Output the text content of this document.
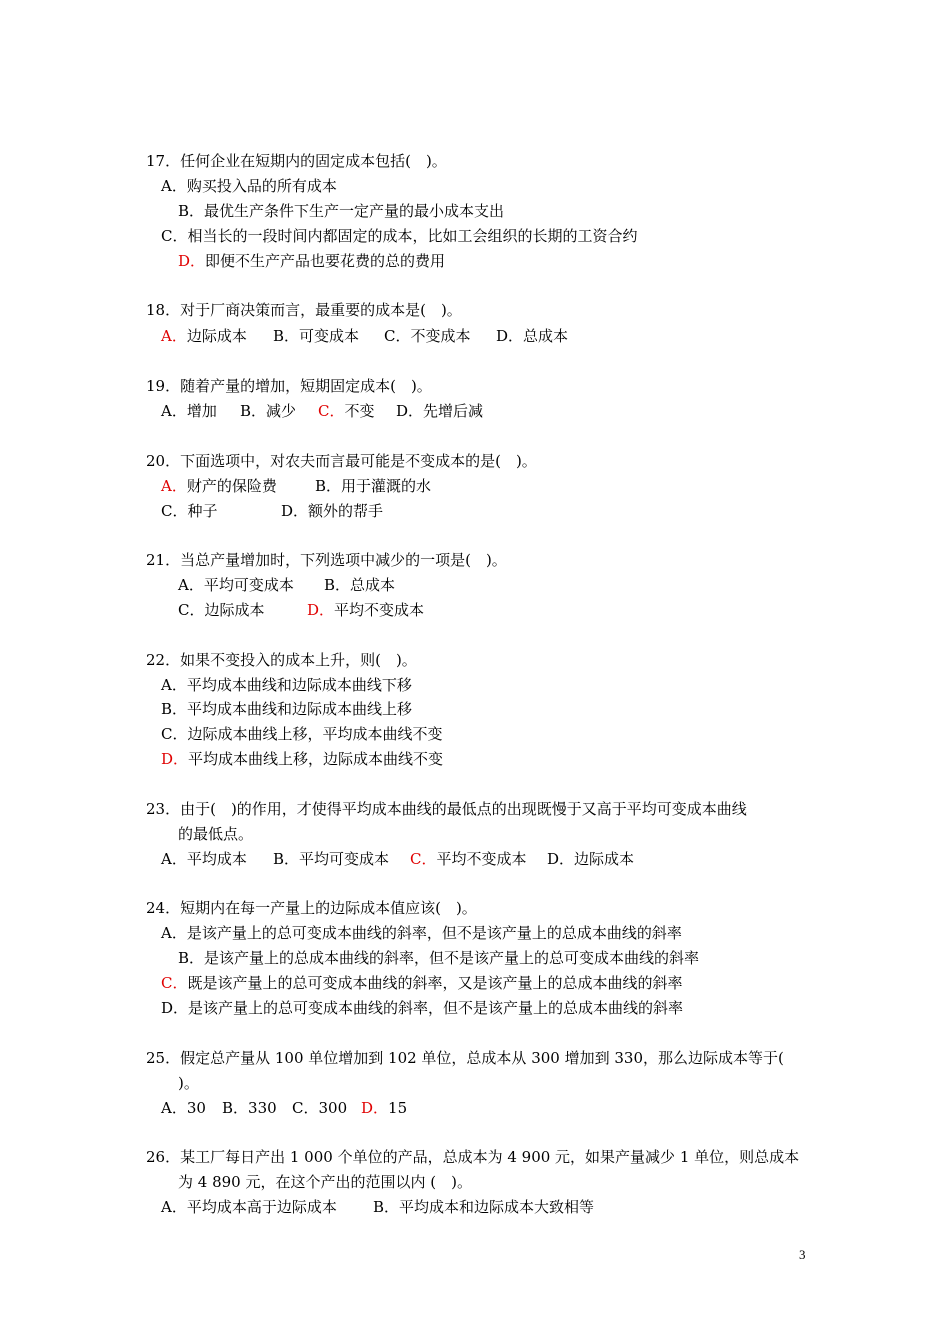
17．任何企业在短期内的固定成本包括(　)。
A．购买投入品的所有成本
B．最优生产条件下生产一定产量的最小成本支出
C．相当长的一段时间内都固定的成本，比如工会组织的长期的工资合约
D．即便不生产产品也要花费的总的费用
18．对于厂商决策而言，最重要的成本是(　)。
A．边际成本 B．可变成本 C．不变成本 D．总成本
19．随着产量的增加，短期固定成本(　)。
A．增加 B．减少 C．不变 D．先增后减
20．下面选项中，对农夫而言最可能是不变成本的是(　)。
A．财产的保险费	B．用于灌溉的水
C．种子	D．额外的帮手
21．当总产量增加时，下列选项中减少的一项是(　)。
A．平均可变成本 B．总成本
C．边际成本	D．平均不变成本
22．如果不变投入的成本上升，则(　)。
A．平均成本曲线和边际成本曲线下移
B．平均成本曲线和边际成本曲线上移
C．边际成本曲线上移，平均成本曲线不变
D．平均成本曲线上移，边际成本曲线不变
23．由于(　)的作用，才使得平均成本曲线的最低点的出现既慢于又高于平均可变成本曲线
的最低点。
A．平均成本 B．平均可变成本 C．平均不变成本 D．边际成本
24．短期内在每一产量上的边际成本值应该(　)。
A．是该产量上的总可变成本曲线的斜率，但不是该产量上的总成本曲线的斜率
B．是该产量上的总成本曲线的斜率，但不是该产量上的总可变成本曲线的斜率
C．既是该产量上的总可变成本曲线的斜率，又是该产量上的总成本曲线的斜率
D．是该产量上的总可变成本曲线的斜率，但不是该产量上的总成本曲线的斜率
25．假定总产量从 100 单位增加到 102 单位，总成本从 300 增加到 330，那么边际成本等于(
)。
A．30 B．330 C．300 D．15
26．某工厂每日产出 1 000 个单位的产品，总成本为 4 900 元，如果产量减少 1 单位，则总成本
为 4 890 元，在这个产出的范围以内 (　)。
A．平均成本高于边际成本 B．平均成本和边际成本大致相等
3
